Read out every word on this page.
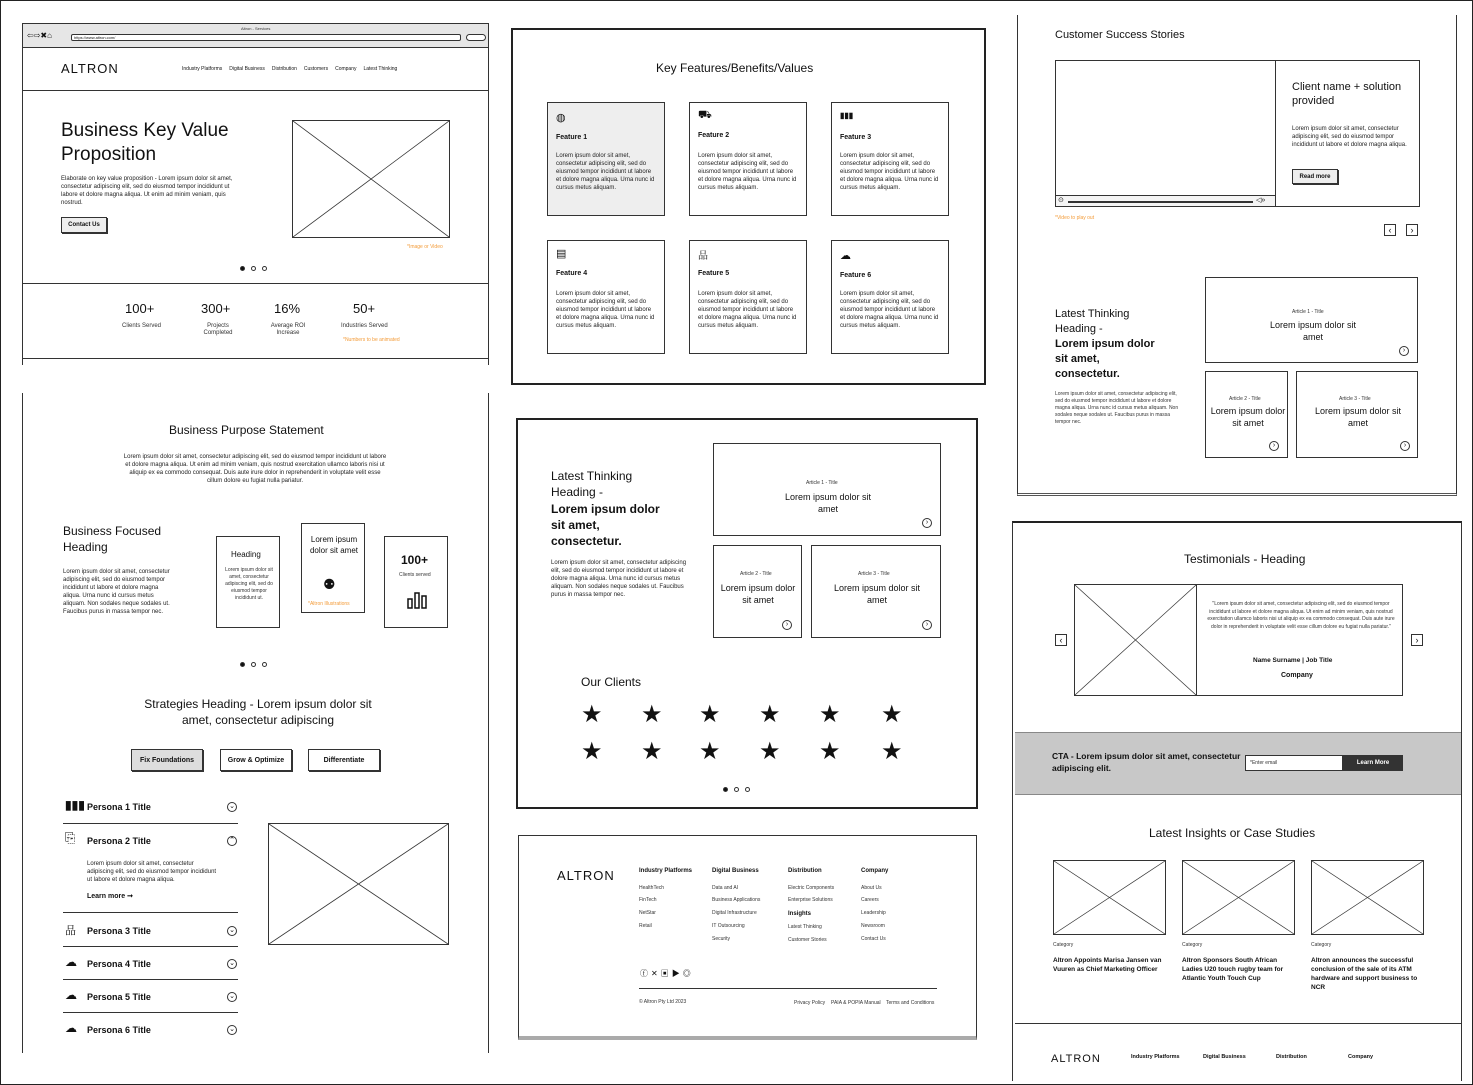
Altron - Services
⇦⇨✖⌂	https://www.altron.com/
ALTRON	Industry Platforms Digital Business Distribution Customers Company Latest Thinking
Business Key Value Proposition
Elaborate on key value proposition - Lorem ipsum dolor sit amet, consectetur adipiscing elit, sed do eiusmod tempor incididunt ut labore et dolore magna aliqua. Ut enim ad minim veniam, quis nostrud.
Contact Us
*Image or Video
100+
Clients Served
300+
Projects Completed
16%
Average ROI Increase
50+
Industries Served
*Numbers to be animated
Business Purpose Statement
Lorem ipsum dolor sit amet, consectetur adipiscing elit, sed do eiusmod tempor incididunt ut labore et dolore magna aliqua. Ut enim ad minim veniam, quis nostrud exercitation ullamco laboris nisi ut aliquip ex ea commodo consequat. Duis aute irure dolor in reprehenderit in voluptate velit esse cillum dolore eu fugiat nulla pariatur.
Business Focused Heading
Lorem ipsum dolor sit amet, consectetur adipiscing elit, sed do eiusmod tempor incididunt ut labore et dolore magna aliqua. Urna nunc id cursus metus aliquam. Non sodales neque sodales ut. Faucibus purus in massa tempor nec.
Heading
Lorem ipsum dolor sit amet, consectetur adipiscing elit, sed do eiusmod tempor incididunt ut.
Lorem ipsum dolor sit amet
⚉
*Altron Illustrations
100+
Clients served
Strategies Heading - Lorem ipsum dolor sit amet, consectetur adipiscing
Fix Foundations	Grow & Optimize	Differentiate
▮▮▮ Persona 1 Title	⌄
⎘ Persona 2 Title	⌃
Lorem ipsum dolor sit amet, consectetur adipiscing elit, sed do eiusmod tempor incididunt ut labore et dolore magna aliqua.
Learn more ➞
品 Persona 3 Title	⌄
☁ Persona 4 Title	⌄
☁ Persona 5 Title	⌄
☁ Persona 6 Title	⌄
Key Features/Benefits/Values
◍
Feature 1
Lorem ipsum dolor sit amet, consectetur adipiscing elit, sed do eiusmod tempor incididunt ut labore et dolore magna aliqua. Urna nunc id cursus metus aliquam.
⛟
Feature 2
Lorem ipsum dolor sit amet, consectetur adipiscing elit, sed do eiusmod tempor incididunt ut labore et dolore magna aliqua. Urna nunc id cursus metus aliquam.
▮▮▮
Feature 3
Lorem ipsum dolor sit amet, consectetur adipiscing elit, sed do eiusmod tempor incididunt ut labore et dolore magna aliqua. Urna nunc id cursus metus aliquam.
▤
Feature 4
Lorem ipsum dolor sit amet, consectetur adipiscing elit, sed do eiusmod tempor incididunt ut labore et dolore magna aliqua. Urna nunc id cursus metus aliquam.
品
Feature 5
Lorem ipsum dolor sit amet, consectetur adipiscing elit, sed do eiusmod tempor incididunt ut labore et dolore magna aliqua. Urna nunc id cursus metus aliquam.
☁
Feature 6
Lorem ipsum dolor sit amet, consectetur adipiscing elit, sed do eiusmod tempor incididunt ut labore et dolore magna aliqua. Urna nunc id cursus metus aliquam.
Latest Thinking Heading -
Lorem ipsum dolor sit amet, consectetur.
Lorem ipsum dolor sit amet, consectetur adipiscing elit, sed do eiusmod tempor incididunt ut labore et dolore magna aliqua. Urna nunc id cursus metus aliquam. Non sodales neque sodales ut. Faucibus purus in massa tempor nec.
Article 1 - Title
Lorem ipsum dolor sit amet
›
Article 2 - Title
Lorem ipsum dolor sit amet
›
Article 3 - Title
Lorem ipsum dolor sit amet
›
Our Clients
★ ★ ★ ★ ★ ★
★ ★ ★ ★ ★ ★
ALTRON	Industry Platforms
HealthTech
FinTech
NetStar
Retail
Digital Business
Data and AI
Business Applications
Digital Infrastructure
IT Outsourcing
Security
Distribution
Electric Components
Enterprise Solutions
Insights
Latest Thinking
Customer Stories
Company
About Us
Careers
Leadership
Newsroom
Contact Us
ⓕ✕▣▶◎
© Altron Pty Ltd 2023	Privacy Policy PAIA & POPIA Manual Terms and Conditions
Customer Success Stories
⊙	◁»
Client name + solution provided
Lorem ipsum dolor sit amet, consectetur adipiscing elit, sed do eiusmod tempor incididunt ut labore et dolore magna aliqua.
Read more
*Video to play out
‹	›
Latest Thinking Heading -
Lorem ipsum dolor sit amet, consectetur.
Lorem ipsum dolor sit amet, consectetur adipiscing elit, sed do eiusmod tempor incididunt ut labore et dolore magna aliqua. Urna nunc id cursus metus aliquam. Non sodales neque sodales ut. Faucibus purus in massa tempor nec.
Article 1 - Title
Lorem ipsum dolor sit amet
›
Article 2 - Title
Lorem ipsum dolor sit amet
›
Article 3 - Title
Lorem ipsum dolor sit amet
›
Testimonials - Heading
‹	›
"Lorem ipsum dolor sit amet, consectetur adipiscing elit, sed do eiusmod tempor incididunt ut labore et dolore magna aliqua. Ut enim ad minim veniam, quis nostrud exercitation ullamco laboris nisi ut aliquip ex ea commodo consequat. Duis aute irure dolor in reprehenderit in voluptate velit esse cillum dolore eu fugiat nulla pariatur."
Name Surname | Job Title
Company
CTA - Lorem ipsum dolor sit amet, consectetur adipiscing elit.	*Enter email	Learn More
Latest Insights or Case Studies
Category
Altron Appoints Marisa Jansen van Vuuren as Chief Marketing Officer
Category
Altron Sponsors South African Ladies U20 touch rugby team for Atlantic Youth Touch Cup
Category
Altron announces the successful conclusion of the sale of its ATM hardware and support business to NCR
ALTRON	Industry Platforms	Digital Business	Distribution	Company
